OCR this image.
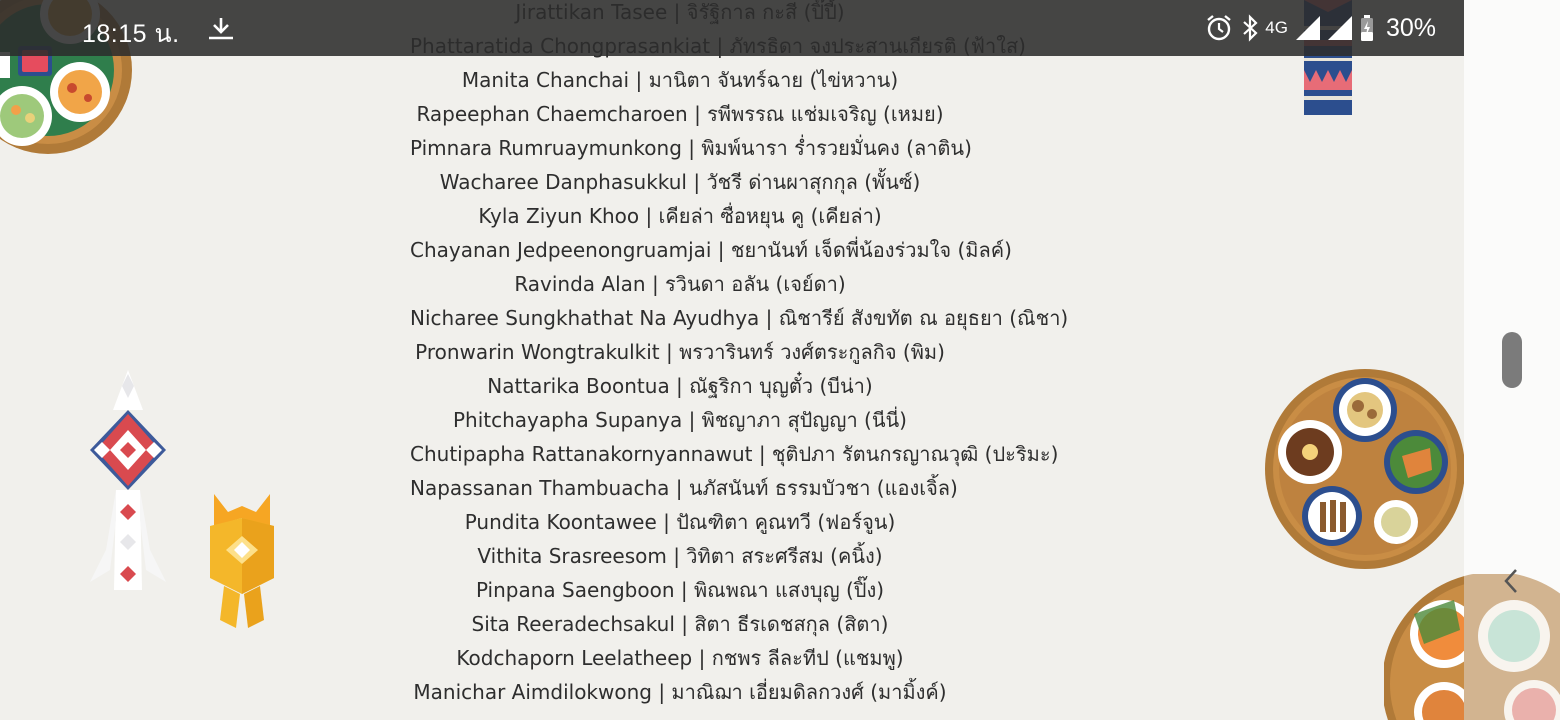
Manita Chanchai | มานิตา จันทร์ฉาย (ไข่หวาน)
Rapeephan Chaemcharoen | รพีพรรณ แช่มเจริญ (เหมย)
Pimnara Rumruaymunkong | พิมพ์นารา ร่ำรวยมั่นคง (ลาติน)
Wacharee Danphasukkul | วัชรี ด่านผาสุกกุล (พั้นซ์)
Kyla Ziyun Khoo | เคียล่า ซื่อหยุน คู (เคียล่า)
Chayanan Jedpeenongruamjai | ชยานันท์ เจ็ดพี่น้องร่วมใจ (มิลค์)
Ravinda Alan | รวินดา อลัน (เจย์ดา)
Nicharee Sungkhathat Na Ayudhya | ณิชารีย์ สังขทัต ณ อยุธยา (ณิชา)
Pronwarin Wongtrakulkit | พรวารินทร์ วงศ์ตระกูลกิจ (พิม)
Nattarika Boontua | ณัฐริกา บุญตั๋ว (บีน่า)
Phitchayapha Supanya | พิชญาภา สุปัญญา (นีนี่)
Chutipapha Rattanakornyannawut | ชุติปภา รัตนกรญาณวุฒิ (ปะริมะ)
Napassanan Thambuacha | นภัสนันท์ ธรรมบัวชา (แองเจิ้ล)
Pundita Koontawee | ปัณฑิตา คูณทวี (ฟอร์จูน)
Vithita Srasreesom | วิทิตา สระศรีสม (คนิ้ง)
Pinpana Saengboon | พิณพณา แสงบุญ (ปิ๊ง)
Sita Reeradechsakul | สิตา ธีรเดชสกุล (สิตา)
Kodchaporn Leelatheep | กชพร ลีละทีป (แชมพู)
Manichar Aimdilokwong | มาณิฌา เอี่ยมดิลกวงศ์ (มามิ้งค์)
18:15 น.	4G	30%
